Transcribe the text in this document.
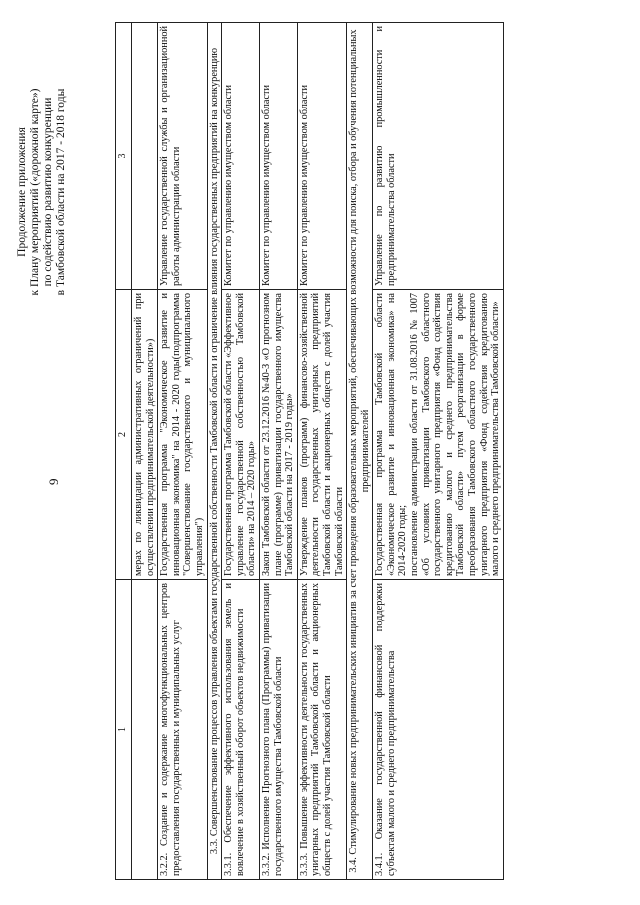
9
Продолжение приложения к Плану мероприятий («дорожной карте») по содействию развитию конкуренции в Тамбовской области на 2017 - 2018 годы
1	2	3
	мерах по ликвидации административных ограничений при осуществлении предпринимательской деятельности»)	
3.2.2. Создание и содержание многофункциональных центров предоставления государственных и муниципальных услуг	Государственная программа "Экономическое развитие и инновационная экономика" на 2014 - 2020 годы(подпрограмма "Совершенствование государственного и муниципального управления")	Управление государственной службы и организационной работы администрации области
3.3. Совершенствование процессов управления объектами государственной собственности Тамбовской области и ограничение влияния государственных предприятий на конкуренцию		
3.3.1. Обеспечение эффективного использования земель и вовлечение в хозяйственный оборот объектов недвижимости	Государственная программа Тамбовской области «Эффективное управление государственной собственностью Тамбовской области» на 2014 – 2020 годы»	Комитет по управлению имуществом области
3.3.2. Исполнение Прогнозного плана (Программы) приватизации государственного имущества Тамбовской области	Закон Тамбовской области от 23.12.2016 №40-З «О прогнозном плане (программе) приватизации государственного имущества Тамбовской области на 2017 - 2019 годы»	Комитет по управлению имуществом области
3.3.3. Повышение эффективности деятельности государственных унитарных предприятий Тамбовской области и акционерных обществ с долей участия Тамбовской области	Утверждение планов (программ) финансово-хозяйственной деятельности государственных унитарных предприятий Тамбовской области и акционерных обществ с долей участия Тамбовской области	Комитет по управлению имуществом области
3.4. Стимулирование новых предпринимательских инициатив за счет проведения образовательных мероприятий, обеспечивающих возможности для поиска, отбора и обучения потенциальных предпринимателей		
3.4.1. Оказание государственной финансовой поддержки субъектам малого и среднего предпринимательства	Государственная программа Тамбовской области «Экономическое развитие и инновационная экономика» на 2014-2020 годы; постановление администрации области от 31.08.2016 № 1007 «Об условиях приватизации Тамбовского областного государственного унитарного предприятия «Фонд содействия кредитованию малого и среднего предпринимательства Тамбовской области» путем реорганизации в форме преобразования Тамбовского областного государственного унитарного предприятия «Фонд содействия кредитованию малого и среднего предпринимательства Тамбовской области»	Управление по развитию промышленности и предпринимательства области
